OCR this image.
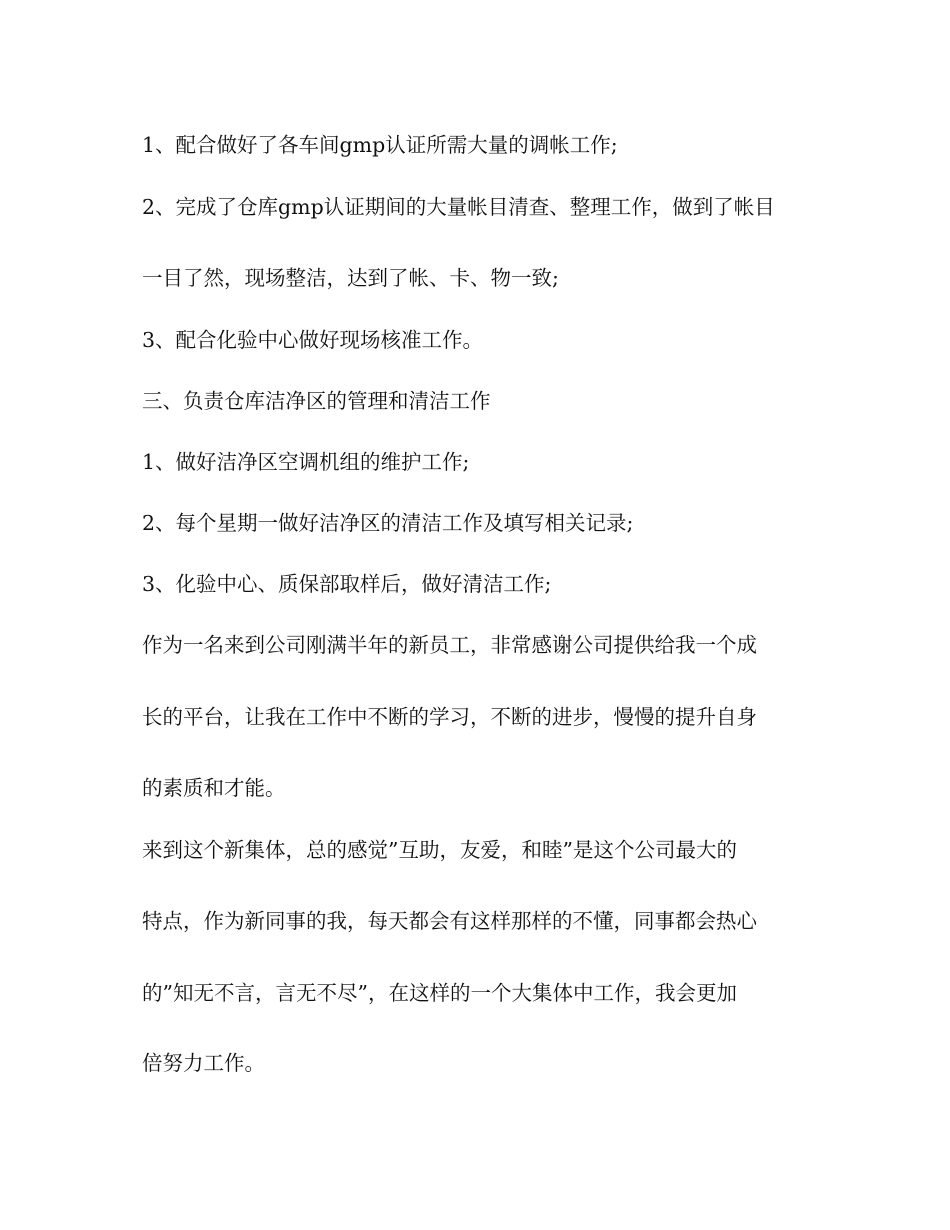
1、配合做好了各车间gmp认证所需大量的调帐工作;
2、完成了仓库gmp认证期间的大量帐目清查、整理工作，做到了帐目
一目了然，现场整洁，达到了帐、卡、物一致;
3、配合化验中心做好现场核准工作。
三、负责仓库洁净区的管理和清洁工作
1、做好洁净区空调机组的维护工作;
2、每个星期一做好洁净区的清洁工作及填写相关记录;
3、化验中心、质保部取样后，做好清洁工作;
作为一名来到公司刚满半年的新员工，非常感谢公司提供给我一个成
长的平台，让我在工作中不断的学习，不断的进步，慢慢的提升自身
的素质和才能。
来到这个新集体，总的感觉”互助，友爱，和睦”是这个公司最大的
特点，作为新同事的我，每天都会有这样那样的不懂，同事都会热心
的”知无不言，言无不尽”，在这样的一个大集体中工作，我会更加
倍努力工作。
